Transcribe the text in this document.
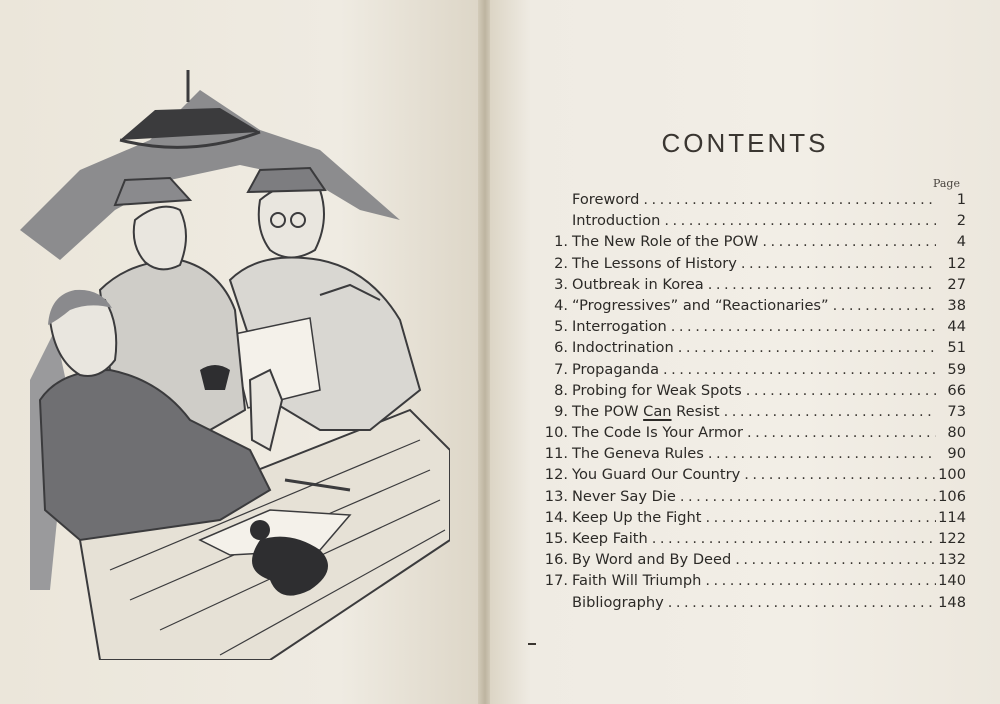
CONTENTS
Page
Foreword .....	1
Introduction .....	2
1. The New Role of the POW .....	4
2. The Lessons of History .....	12
3. Outbreak in Korea .....	27
4. “Progressives” and “Reactionaries” .....	38
5. Interrogation .....	44
6. Indoctrination .....	51
7. Propaganda .....	59
8. Probing for Weak Spots .....	66
9. The POW Can Resist .....	73
10. The Code Is Your Armor .....	80
11. The Geneva Rules .....	90
12. You Guard Our Country .....	100
13. Never Say Die .....	106
14. Keep Up the Fight .....	114
15. Keep Faith .....	122
16. By Word and By Deed .....	132
17. Faith Will Triumph .....	140
Bibliography .....	148
